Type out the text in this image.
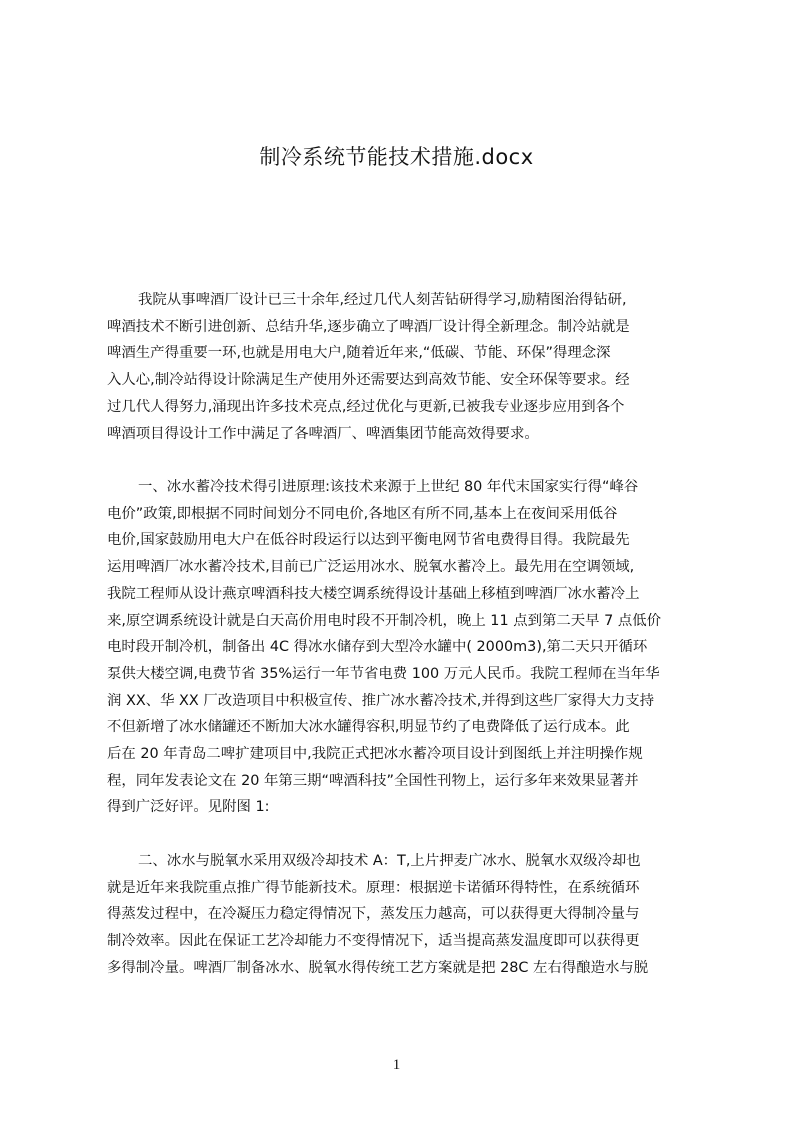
制冷系统节能技术措施.docx
我院从事啤酒厂设计已三十余年,经过几代人刻苦钻研得学习,励精图治得钻研,
啤酒技术不断引进创新、总结升华,逐步确立了啤酒厂设计得全新理念。制冷站就是
啤酒生产得重要一环,也就是用电大户,随着近年来,“低碳、节能、环保”得理念深
入人心,制冷站得设计除满足生产使用外还需要达到高效节能、安全环保等要求。经
过几代人得努力,涌现出许多技术亮点,经过优化与更新,已被我专业逐步应用到各个
啤酒项目得设计工作中满足了各啤酒厂、啤酒集团节能高效得要求。
一、冰水蓄冷技术得引进原理:该技术来源于上世纪 80 年代末国家实行得“峰谷
电价”政策,即根据不同时间划分不同电价,各地区有所不同,基本上在夜间采用低谷
电价,国家鼓励用电大户在低谷时段运行以达到平衡电网节省电费得目得。我院最先
运用啤酒厂冰水蓄冷技术,目前已广泛运用冰水、脱氧水蓄冷上。最先用在空调领域,
我院工程师从设计燕京啤酒科技大楼空调系统得设计基础上移植到啤酒厂冰水蓄冷上
来,原空调系统设计就是白天高价用电时段不开制冷机，晚上 11 点到第二天早 7 点低价
电时段开制冷机，制备出 4C 得冰水储存到大型冷水罐中( 2000m3),第二天只开循环
泵供大楼空调,电费节省 35%运行一年节省电费 100 万元人民币。我院工程师在当年华
润 XX、华 XX 厂改造项目中积极宣传、推广冰水蓄冷技术,并得到这些厂家得大力支持
不但新增了冰水储罐还不断加大冰水罐得容积,明显节约了电费降低了运行成本。此
后在 20 年青岛二啤扩建项目中,我院正式把冰水蓄冷项目设计到图纸上并注明操作规
程，同年发表论文在 20 年第三期“啤酒科技”全国性刊物上，运行多年来效果显著并
得到广泛好评。见附图 1:
二、冰水与脱氧水采用双级冷却技术 A：T,上片押麦广冰水、脱氧水双级冷却也
就是近年来我院重点推广得节能新技术。原理：根据逆卡诺循环得特性，在系统循环
得蒸发过程中，在冷凝压力稳定得情况下，蒸发压力越高，可以获得更大得制冷量与
制冷效率。因此在保证工艺冷却能力不变得情况下，适当提高蒸发温度即可以获得更
多得制冷量。啤酒厂制备冰水、脱氧水得传统工艺方案就是把 28C 左右得酿造水与脱
1
